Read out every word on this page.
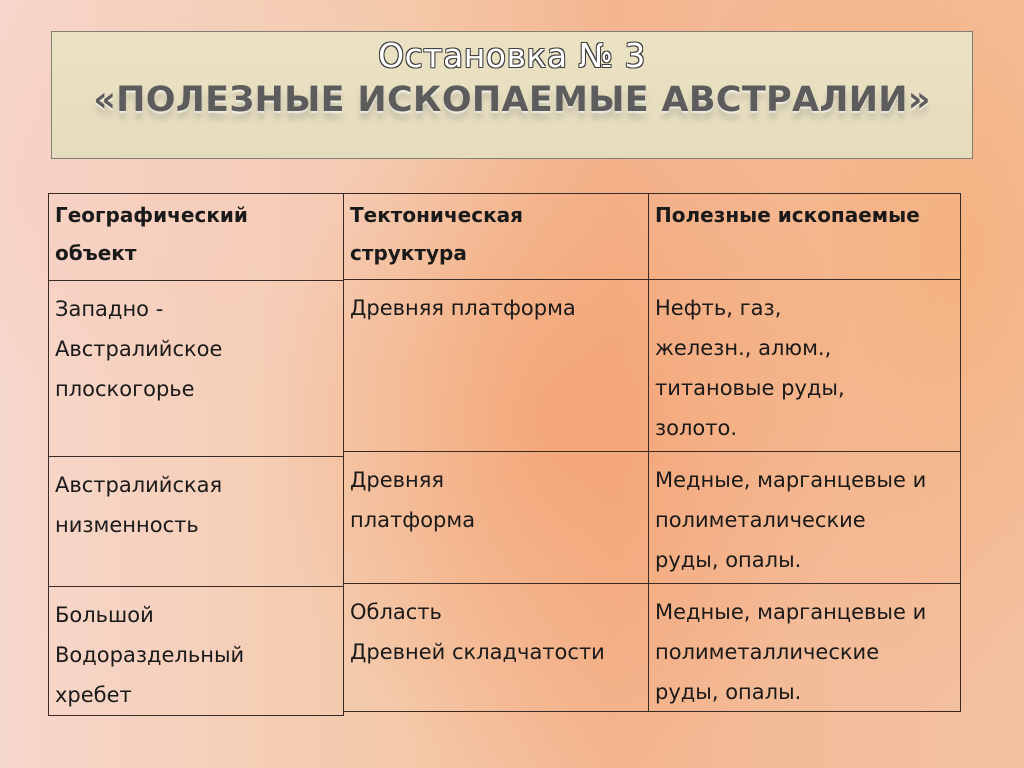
Остановка № 3
«ПОЛЕЗНЫЕ ИСКОПАЕМЫЕ АВСТРАЛИИ»
Географический
объект
Тектоническая
структура
Полезные ископаемые
Западно -
Австралийское
плоскогорье
Австралийская
низменность
Большой
Водораздельный
хребет
Древняя платформа
Древняя
платформа
Область
Древней складчатости
Нефть, газ,
железн., алюм.,
титановые руды,
золото.
Медные, марганцевые и
полиметалические
руды, опалы.
Медные, марганцевые и
полиметаллические
руды, опалы.
